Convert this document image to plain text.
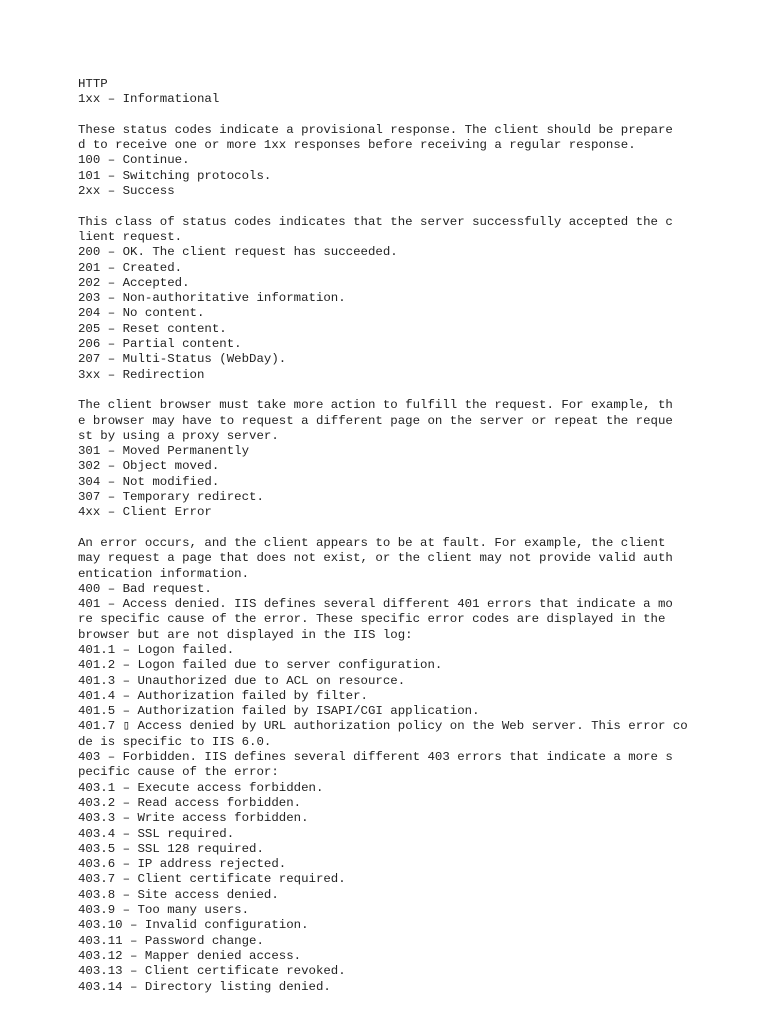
HTTP
1xx – Informational
These status codes indicate a provisional response. The client should be prepare
d to receive one or more 1xx responses before receiving a regular response.
100 – Continue.
101 – Switching protocols.
2xx – Success
This class of status codes indicates that the server successfully accepted the c
lient request.
200 – OK. The client request has succeeded.
201 – Created.
202 – Accepted.
203 – Non-authoritative information.
204 – No content.
205 – Reset content.
206 – Partial content.
207 – Multi-Status (WebDay).
3xx – Redirection
The client browser must take more action to fulfill the request. For example, th
e browser may have to request a different page on the server or repeat the reque
st by using a proxy server.
301 – Moved Permanently
302 – Object moved.
304 – Not modified.
307 – Temporary redirect.
4xx – Client Error
An error occurs, and the client appears to be at fault. For example, the client
may request a page that does not exist, or the client may not provide valid auth
entication information.
400 – Bad request.
401 – Access denied. IIS defines several different 401 errors that indicate a mo
re specific cause of the error. These specific error codes are displayed in the
browser but are not displayed in the IIS log:
401.1 – Logon failed.
401.2 – Logon failed due to server configuration.
401.3 – Unauthorized due to ACL on resource.
401.4 – Authorization failed by filter.
401.5 – Authorization failed by ISAPI/CGI application.
401.7 ▯ Access denied by URL authorization policy on the Web server. This error co
de is specific to IIS 6.0.
403 – Forbidden. IIS defines several different 403 errors that indicate a more s
pecific cause of the error:
403.1 – Execute access forbidden.
403.2 – Read access forbidden.
403.3 – Write access forbidden.
403.4 – SSL required.
403.5 – SSL 128 required.
403.6 – IP address rejected.
403.7 – Client certificate required.
403.8 – Site access denied.
403.9 – Too many users.
403.10 – Invalid configuration.
403.11 – Password change.
403.12 – Mapper denied access.
403.13 – Client certificate revoked.
403.14 – Directory listing denied.
